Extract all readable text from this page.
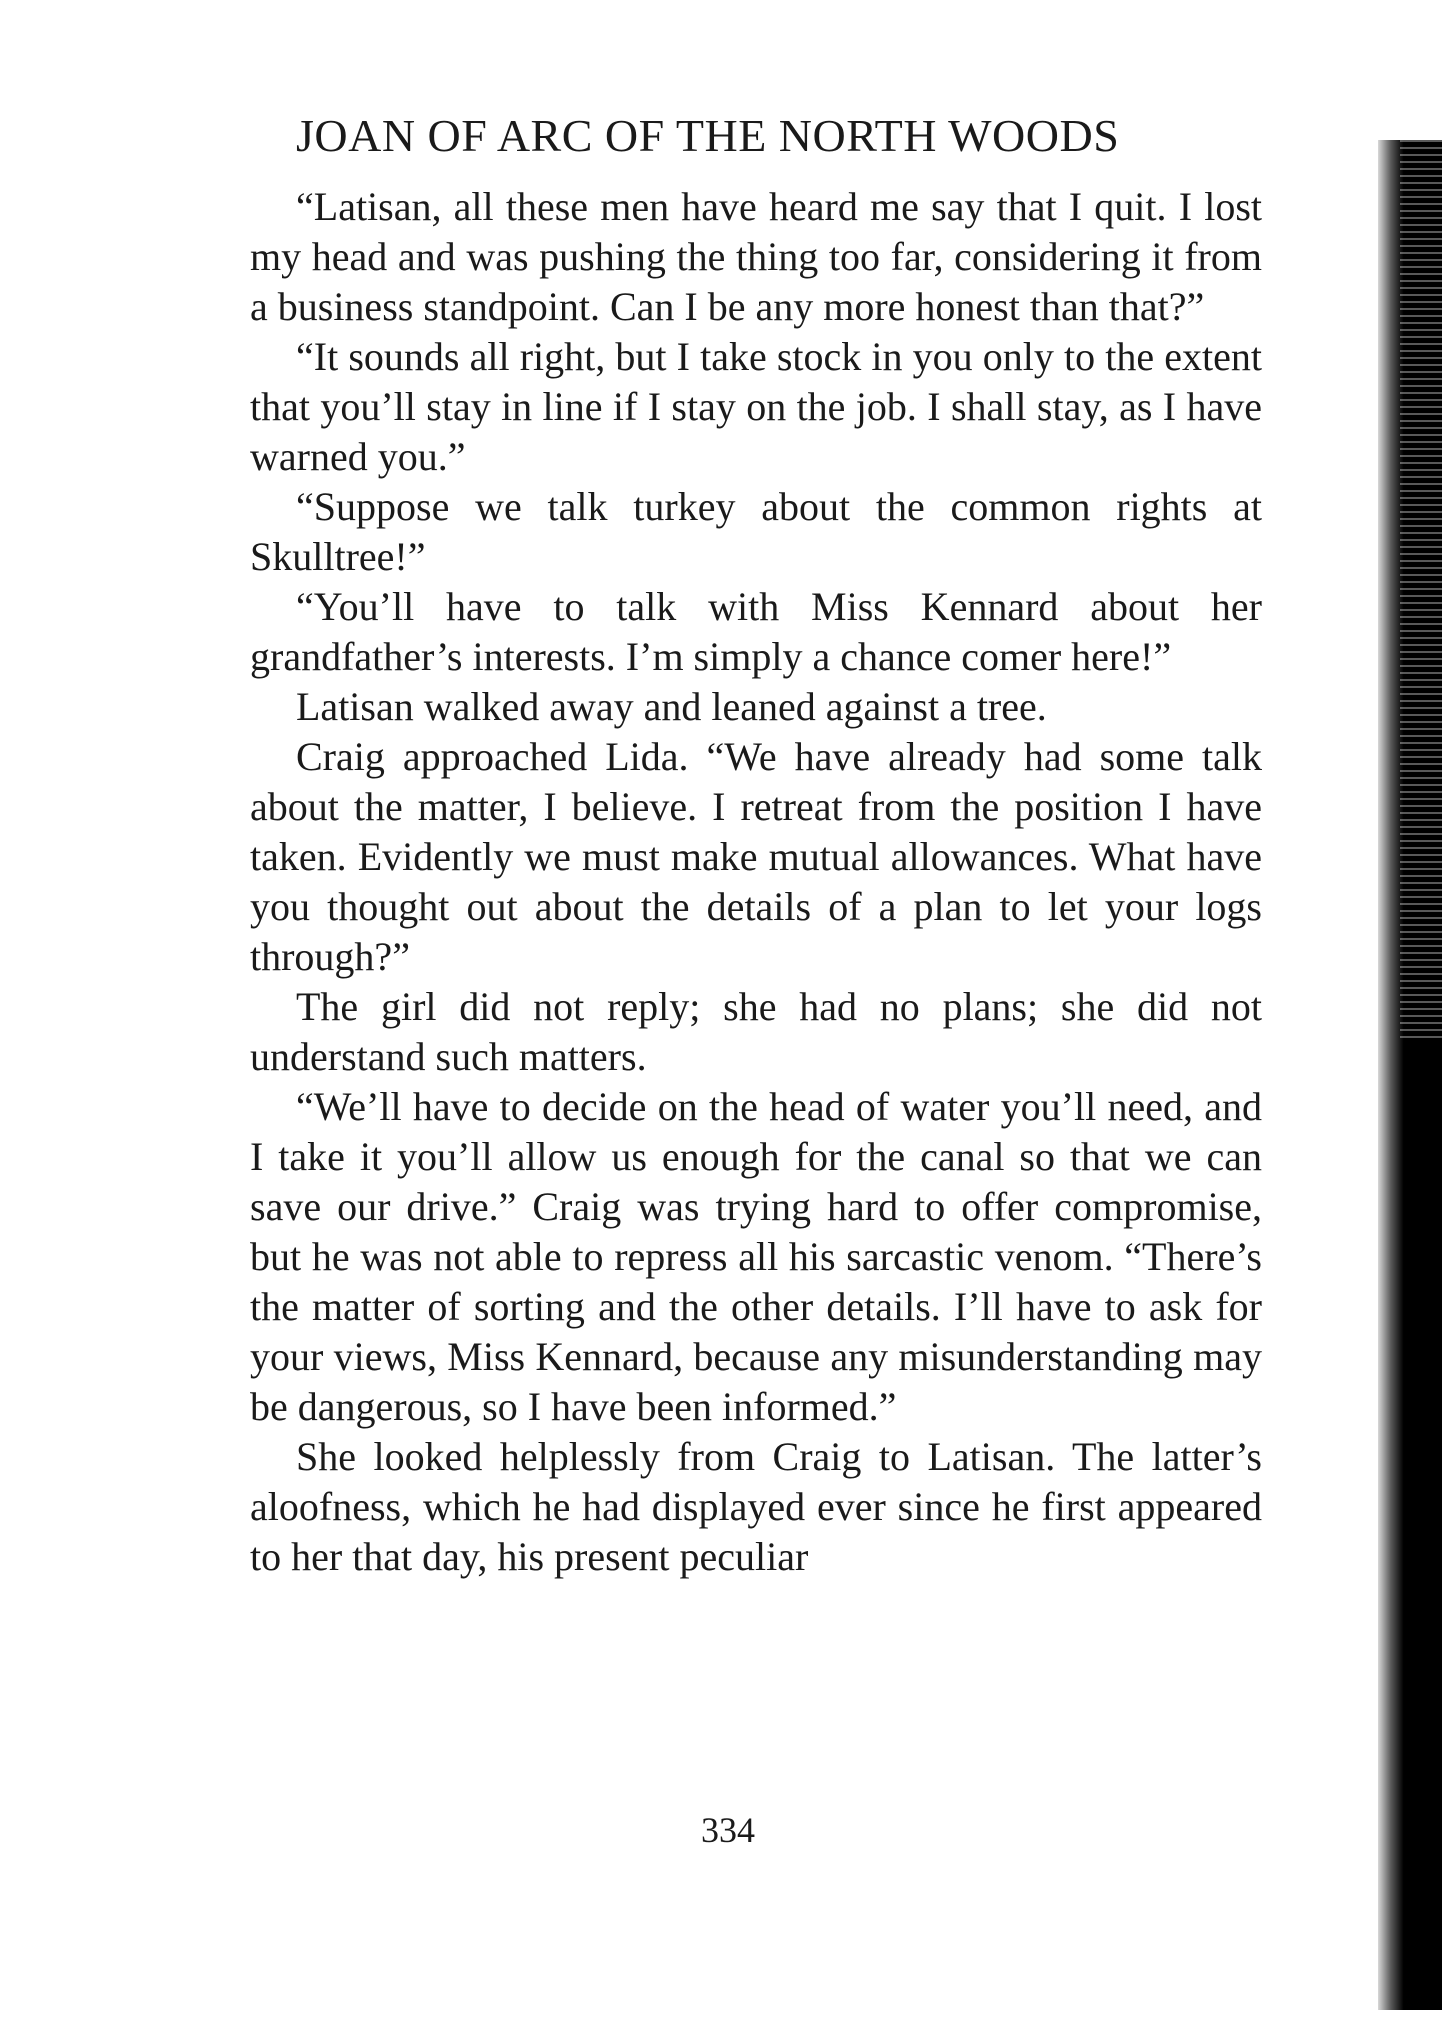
JOAN OF ARC OF THE NORTH WOODS

“Latisan, all these men have heard me say that I quit. I lost my head and was pushing the thing too far, considering it from a business standpoint. Can I be any more honest than that?”

“It sounds all right, but I take stock in you only to the extent that you’ll stay in line if I stay on the job. I shall stay, as I have warned you.”

“Suppose we talk turkey about the common rights at Skulltree!”

“You’ll have to talk with Miss Kennard about her grandfather’s interests. I’m simply a chance comer here!”

Latisan walked away and leaned against a tree.

Craig approached Lida. “We have already had some talk about the matter, I believe. I retreat from the position I have taken. Evidently we must make mutual allowances. What have you thought out about the details of a plan to let your logs through?”

The girl did not reply; she had no plans; she did not understand such matters.

“We’ll have to decide on the head of water you’ll need, and I take it you’ll allow us enough for the canal so that we can save our drive.” Craig was trying hard to offer compromise, but he was not able to repress all his sarcastic venom. “There’s the matter of sorting and the other details. I’ll have to ask for your views, Miss Kennard, because any misunderstanding may be dangerous, so I have been informed.”

She looked helplessly from Craig to Latisan. The latter’s aloofness, which he had displayed ever since he first appeared to her that day, his present peculiar

334
